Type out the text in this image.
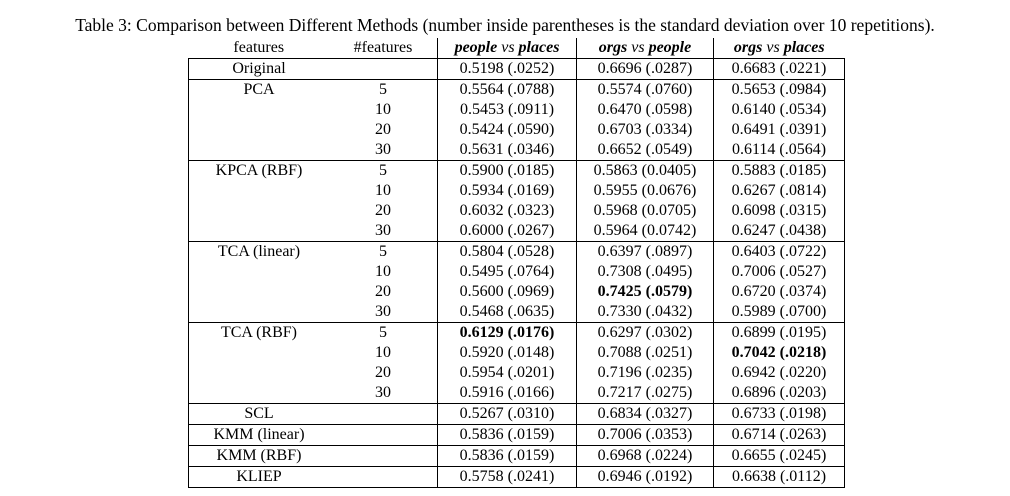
Table 3: Comparison between Different Methods (number inside parentheses is the standard deviation over 10 repetitions).
features	#features	people vs places	orgs vs people	orgs vs places
Original		0.5198 (.0252)	0.6696 (.0287)	0.6683 (.0221)
PCA	5	0.5564 (.0788)	0.5574 (.0760)	0.5653 (.0984)
	10	0.5453 (.0911)	0.6470 (.0598)	0.6140 (.0534)
	20	0.5424 (.0590)	0.6703 (.0334)	0.6491 (.0391)
	30	0.5631 (.0346)	0.6652 (.0549)	0.6114 (.0564)
KPCA (RBF)	5	0.5900 (.0185)	0.5863 (0.0405)	0.5883 (.0185)
	10	0.5934 (.0169)	0.5955 (0.0676)	0.6267 (.0814)
	20	0.6032 (.0323)	0.5968 (0.0705)	0.6098 (.0315)
	30	0.6000 (.0267)	0.5964 (0.0742)	0.6247 (.0438)
TCA (linear)	5	0.5804 (.0528)	0.6397 (.0897)	0.6403 (.0722)
	10	0.5495 (.0764)	0.7308 (.0495)	0.7006 (.0527)
	20	0.5600 (.0969)	0.7425 (.0579)	0.6720 (.0374)
	30	0.5468 (.0635)	0.7330 (.0432)	0.5989 (.0700)
TCA (RBF)	5	0.6129 (.0176)	0.6297 (.0302)	0.6899 (.0195)
	10	0.5920 (.0148)	0.7088 (.0251)	0.7042 (.0218)
	20	0.5954 (.0201)	0.7196 (.0235)	0.6942 (.0220)
	30	0.5916 (.0166)	0.7217 (.0275)	0.6896 (.0203)
SCL		0.5267 (.0310)	0.6834 (.0327)	0.6733 (.0198)
KMM (linear)		0.5836 (.0159)	0.7006 (.0353)	0.6714 (.0263)
KMM (RBF)		0.5836 (.0159)	0.6968 (.0224)	0.6655 (.0245)
KLIEP		0.5758 (.0241)	0.6946 (.0192)	0.6638 (.0112)
